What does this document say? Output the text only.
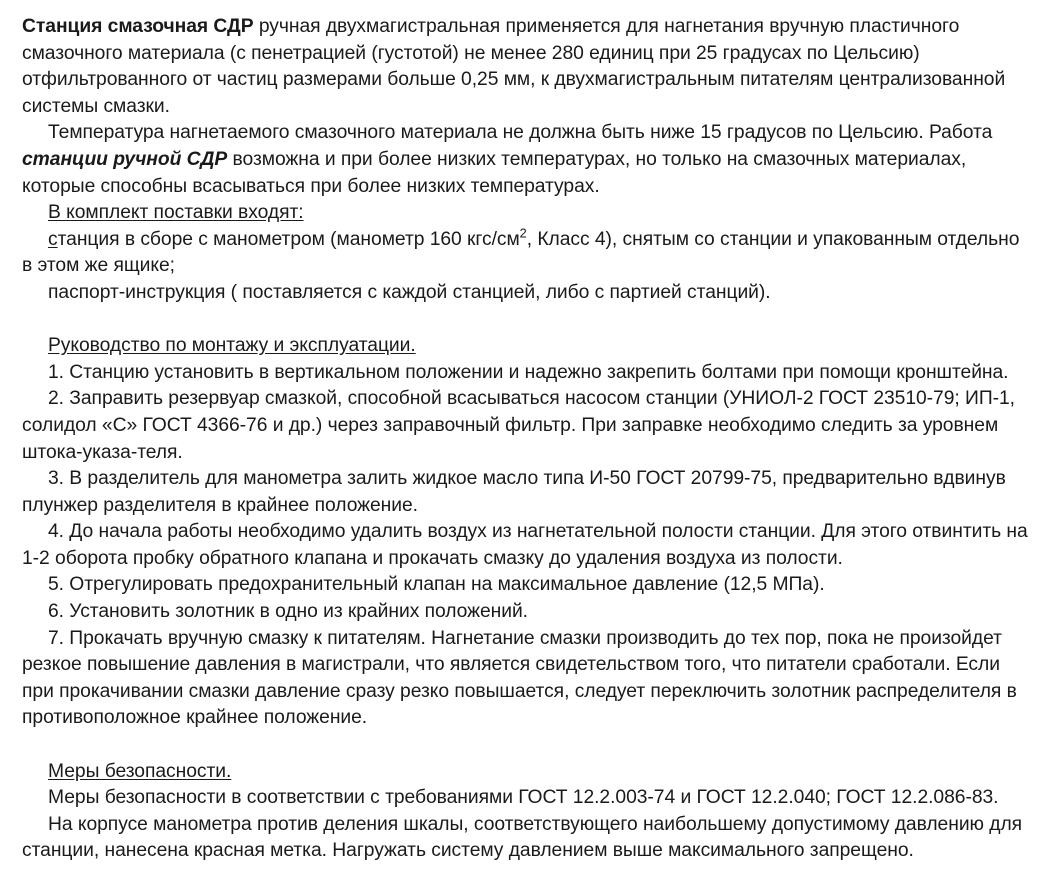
Станция смазочная СДР ручная двухмагистральная применяется для нагнетания вручную пластичного смазочного материала (с пенетрацией (густотой) не менее 280 единиц при 25 градусах по Цельсию) отфильтрованного от частиц размерами больше 0,25 мм, к двухмагистральным питателям централизованной системы смазки.

Температура нагнетаемого смазочного материала не должна быть ниже 15 градусов по Цельсию. Работа станции ручной СДР возможна и при более низких температурах, но только на смазочных материалах, которые способны всасываться при более низких температурах.

В комплект поставки входят:

станция в сборе с манометром (манометр 160 кгс/$см^2$, Класс 4), снятым со станции и упакованным отдельно в этом же ящике;

паспорт-инструкция ( поставляется с каждой станцией, либо с партией станций).

Руководство по монтажу и эксплуатации.

1. Станцию установить в вертикальном положении и надежно закрепить болтами при помощи кронштейна.

2. Заправить резервуар смазкой, способной всасываться насосом станции (УНИОЛ-2 ГОСТ 23510-79; ИП-1, солидол «С» ГОСТ 4366-76 и др.) через заправочный фильтр. При заправке необходимо следить за уровнем штока-указа-теля.

3. В разделитель для манометра залить жидкое масло типа И-50 ГОСТ 20799-75, предварительно вдвинув плунжер разделителя в крайнее положение.

4. До начала работы необходимо удалить воздух из нагнетательной полости станции. Для этого отвинтить на 1-2 оборота пробку обратного клапана и прокачать смазку до удаления воздуха из полости.

5. Отрегулировать предохранительный клапан на максимальное давление (12,5 МПа).

6. Установить золотник в одно из крайних положений.

7. Прокачать вручную смазку к питателям. Нагнетание смазки производить до тех пор, пока не произойдет резкое повышение давления в магистрали, что является свидетельством того, что питатели сработали. Если при прокачивании смазки давление сразу резко повышается, следует переключить золотник распределителя в противоположное крайнее положение.

Меры безопасности.

Меры безопасности в соответствии с требованиями ГОСТ 12.2.003-74 и ГОСТ 12.2.040; ГОСТ 12.2.086-83.

На корпусе манометра против деления шкалы, соответствующего наибольшему допустимому давлению для станции, нанесена красная метка. Нагружать систему давлением выше максимального запрещено.
